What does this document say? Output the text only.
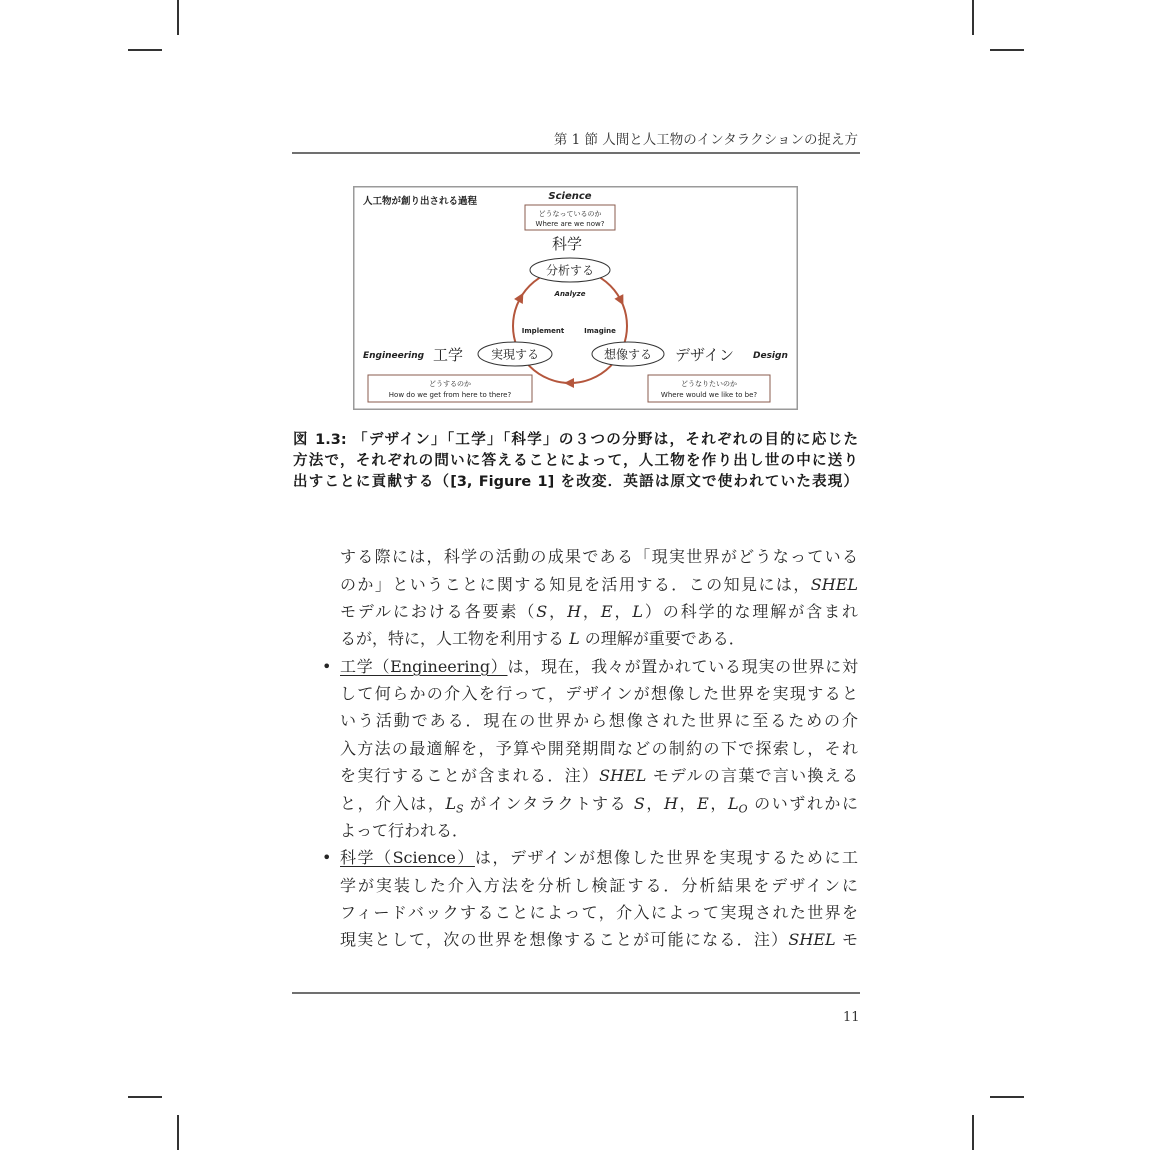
第 1 節 人間と人工物のインタラクションの捉え方
人工物が創り出される過程	Science
どうなっているのか
Where are we now?
科学
分析する
Analyze
Implement	Imagine
Engineering 工学 実現する	想像する デザイン Design
どうするのか
How do we get from here to there?
どうなりたいのか
Where would we like to be?
図 1.3: 「デザイン」「工学」「科学」の３つの分野は，それぞれの目的に応じた
方法で，それぞれの問いに答えることによって，人工物を作り出し世の中に送り
出すことに貢献する（[3, Figure 1] を改変．英語は原文で使われていた表現）
する際には，科学の活動の成果である「現実世界がどうなっている
のか」ということに関する知見を活用する．この知見には，SHEL
モデルにおける各要素（S，H，E，L）の科学的な理解が含まれ
るが，特に，人工物を利用する L の理解が重要である．
• 工学（Engineering）は，現在，我々が置かれている現実の世界に対
して何らかの介入を行って，デザインが想像した世界を実現すると
いう活動である．現在の世界から想像された世界に至るための介
入方法の最適解を，予算や開発期間などの制約の下で探索し，それ
を実行することが含まれる．注）SHEL モデルの言葉で言い換える
と，介入は，$L_S$ がインタラクトする S，H，E，$L_O$ のいずれかに
よって行われる．
• 科学（Science）は，デザインが想像した世界を実現するために工
学が実装した介入方法を分析し検証する．分析結果をデザインに
フィードバックすることによって，介入によって実現された世界を
現実として，次の世界を想像することが可能になる．注）SHEL モ
11
